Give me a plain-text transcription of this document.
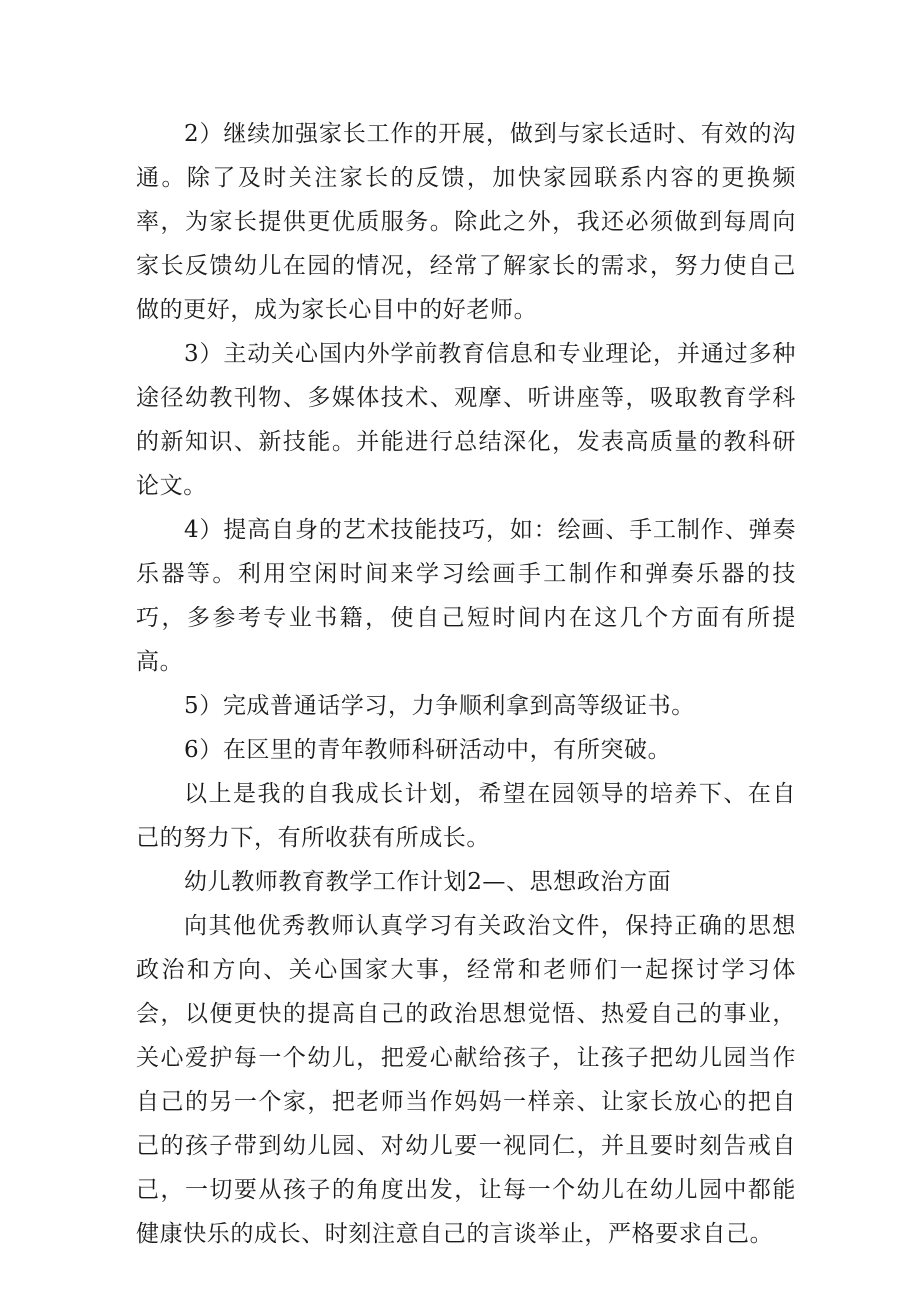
2）继续加强家长工作的开展，做到与家长适时、有效的沟通。除了及时关注家长的反馈，加快家园联系内容的更换频率，为家长提供更优质服务。除此之外，我还必须做到每周向家长反馈幼儿在园的情况，经常了解家长的需求，努力使自己做的更好，成为家长心目中的好老师。

3）主动关心国内外学前教育信息和专业理论，并通过多种途径幼教刊物、多媒体技术、观摩、听讲座等，吸取教育学科的新知识、新技能。并能进行总结深化，发表高质量的教科研论文。

4）提高自身的艺术技能技巧，如：绘画、手工制作、弹奏乐器等。利用空闲时间来学习绘画手工制作和弹奏乐器的技巧，多参考专业书籍，使自己短时间内在这几个方面有所提高。

5）完成普通话学习，力争顺利拿到高等级证书。

6）在区里的青年教师科研活动中，有所突破。

以上是我的自我成长计划，希望在园领导的培养下、在自己的努力下，有所收获有所成长。

幼儿教师教育教学工作计划2—、思想政治方面

向其他优秀教师认真学习有关政治文件，保持正确的思想政治和方向、关心国家大事，经常和老师们一起探讨学习体会，以便更快的提高自己的政治思想觉悟、热爱自己的事业，关心爱护每一个幼儿，把爱心献给孩子，让孩子把幼儿园当作自己的另一个家，把老师当作妈妈一样亲、让家长放心的把自己的孩子带到幼儿园、对幼儿要一视同仁，并且要时刻告戒自己，一切要从孩子的角度出发，让每一个幼儿在幼儿园中都能健康快乐的成长、时刻注意自己的言谈举止，严格要求自己。
